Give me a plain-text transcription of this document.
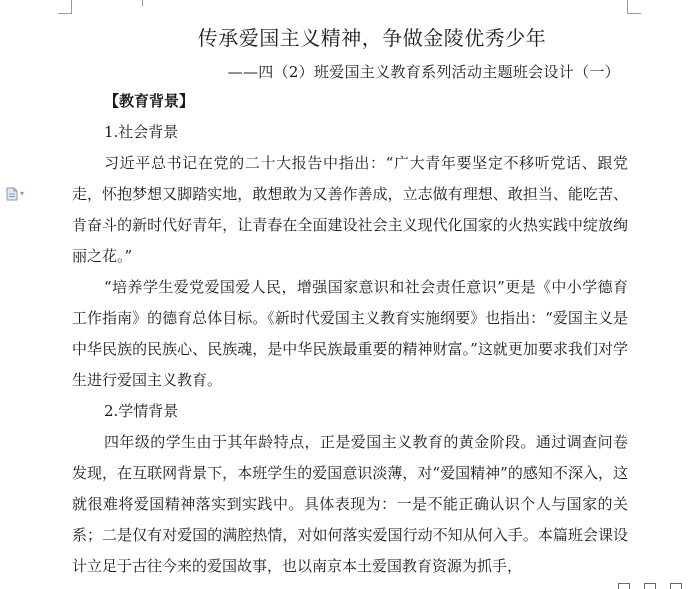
▾
传承爱国主义精神，争做金陵优秀少年
——四（2）班爱国主义教育系列活动主题班会设计（一）
【教育背景】
1.社会背景
习近平总书记在党的二十大报告中指出：“广大青年要坚定不移听党话、跟党走，怀抱梦想又脚踏实地，敢想敢为又善作善成，立志做有理想、敢担当、能吃苦、肯奋斗的新时代好青年，让青春在全面建设社会主义现代化国家的火热实践中绽放绚丽之花。”
“培养学生爱党爱国爱人民，增强国家意识和社会责任意识”更是《中小学德育工作指南》的德育总体目标。《新时代爱国主义教育实施纲要》也指出：“爱国主义是中华民族的民族心、民族魂，是中华民族最重要的精神财富。”这就更加要求我们对学生进行爱国主义教育。
2.学情背景
四年级的学生由于其年龄特点，正是爱国主义教育的黄金阶段。通过调查问卷发现，在互联网背景下，本班学生的爱国意识淡薄，对“爱国精神”的感知不深入，这就很难将爱国精神落实到实践中。具体表现为：一是不能正确认识个人与国家的关系；二是仅有对爱国的满腔热情，对如何落实爱国行动不知从何入手。本篇班会课设计立足于古往今来的爱国故事，也以南京本土爱国教育资源为抓手，
